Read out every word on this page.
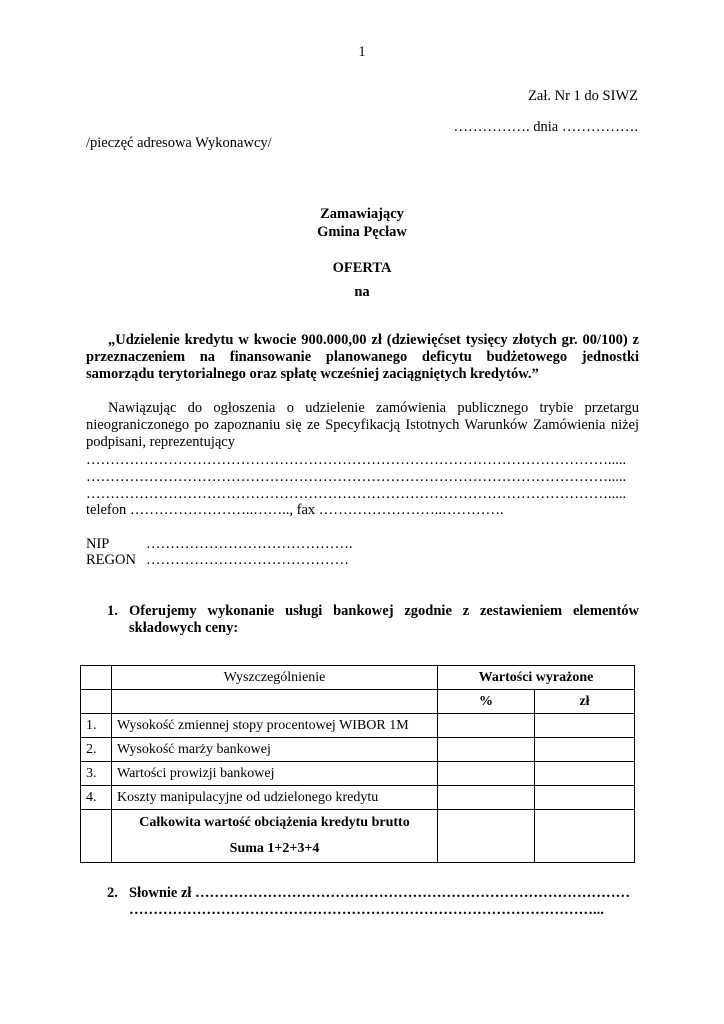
1
Zał. Nr 1 do SIWZ
……………. dnia …………….
/pieczęć adresowa Wykonawcy/
Zamawiający
Gmina Pęcław
OFERTA
na
„Udzielenie kredytu w kwocie 900.000,00 zł (dziewięćset tysięcy złotych gr. 00/100) z przeznaczeniem na finansowanie planowanego deficytu budżetowego jednostki samorządu terytorialnego oraz spłatę wcześniej zaciągniętych kredytów.”
Nawiązując do ogłoszenia o udzielenie zamówienia publicznego trybie przetargu nieograniczonego po zapoznaniu się ze Specyfikacją Istotnych Warunków Zamówienia niżej podpisani, reprezentujący
……………………………………………………………………………………………….....
……………………………………………………………………………………………….....
……………………………………………………………………………………………….....
telefon ……………………..…….., fax ……………………..………….
NIP	…………………………………….
REGON ……………………………………
1. Oferujemy wykonanie usługi bankowej zgodnie z zestawieniem elementów składowych ceny:
	Wyszczególnienie	Wartości wyrażone	
		%	zł
1.	Wysokość zmiennej stopy procentowej WIBOR 1M		
2.	Wysokość marży bankowej		
3.	Wartości prowizji bankowej		
4.	Koszty manipulacyjne od udzielonego kredytu		

	Całkowita wartość obciążenia kredytu brutto
Suma 1+2+3+4		

2. Słownie zł ………………………………………………………………………………
……………………………………………………………………………………...
